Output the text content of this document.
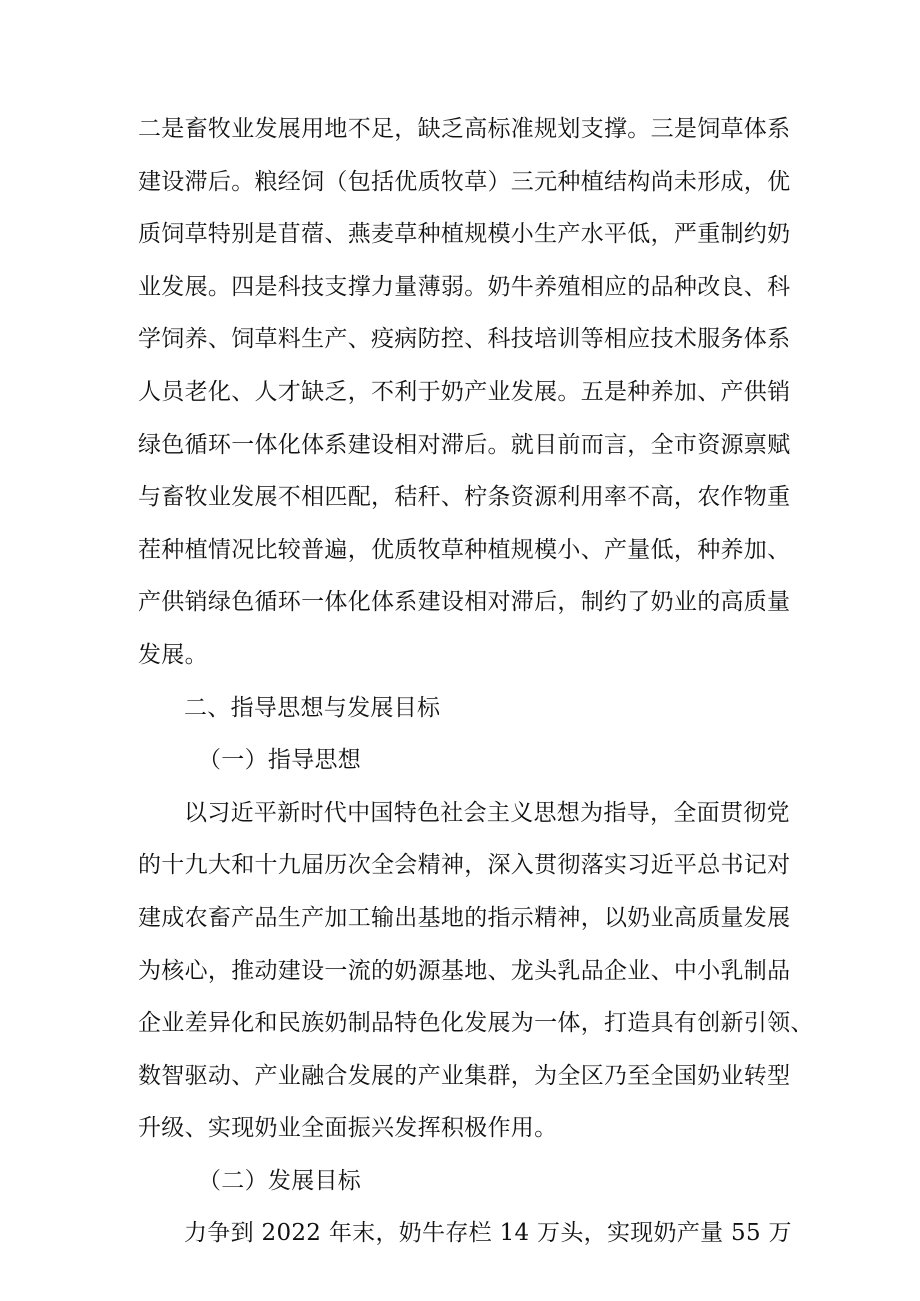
二是畜牧业发展用地不足，缺乏高标准规划支撑。三是饲草体系
建设滞后。粮经饲（包括优质牧草）三元种植结构尚未形成，优
质饲草特别是苜蓿、燕麦草种植规模小生产水平低，严重制约奶
业发展。四是科技支撑力量薄弱。奶牛养殖相应的品种改良、科
学饲养、饲草料生产、疫病防控、科技培训等相应技术服务体系
人员老化、人才缺乏，不利于奶产业发展。五是种养加、产供销
绿色循环一体化体系建设相对滞后。就目前而言，全市资源禀赋
与畜牧业发展不相匹配，秸秆、柠条资源利用率不高，农作物重
茬种植情况比较普遍，优质牧草种植规模小、产量低，种养加、
产供销绿色循环一体化体系建设相对滞后，制约了奶业的高质量
发展。
二、指导思想与发展目标
（一）指导思想
以习近平新时代中国特色社会主义思想为指导，全面贯彻党
的十九大和十九届历次全会精神，深入贯彻落实习近平总书记对
建成农畜产品生产加工输出基地的指示精神，以奶业高质量发展
为核心，推动建设一流的奶源基地、龙头乳品企业、中小乳制品
企业差异化和民族奶制品特色化发展为一体，打造具有创新引领、
数智驱动、产业融合发展的产业集群，为全区乃至全国奶业转型
升级、实现奶业全面振兴发挥积极作用。
（二）发展目标
力争到 2022 年末，奶牛存栏 14 万头，实现奶产量 55 万
